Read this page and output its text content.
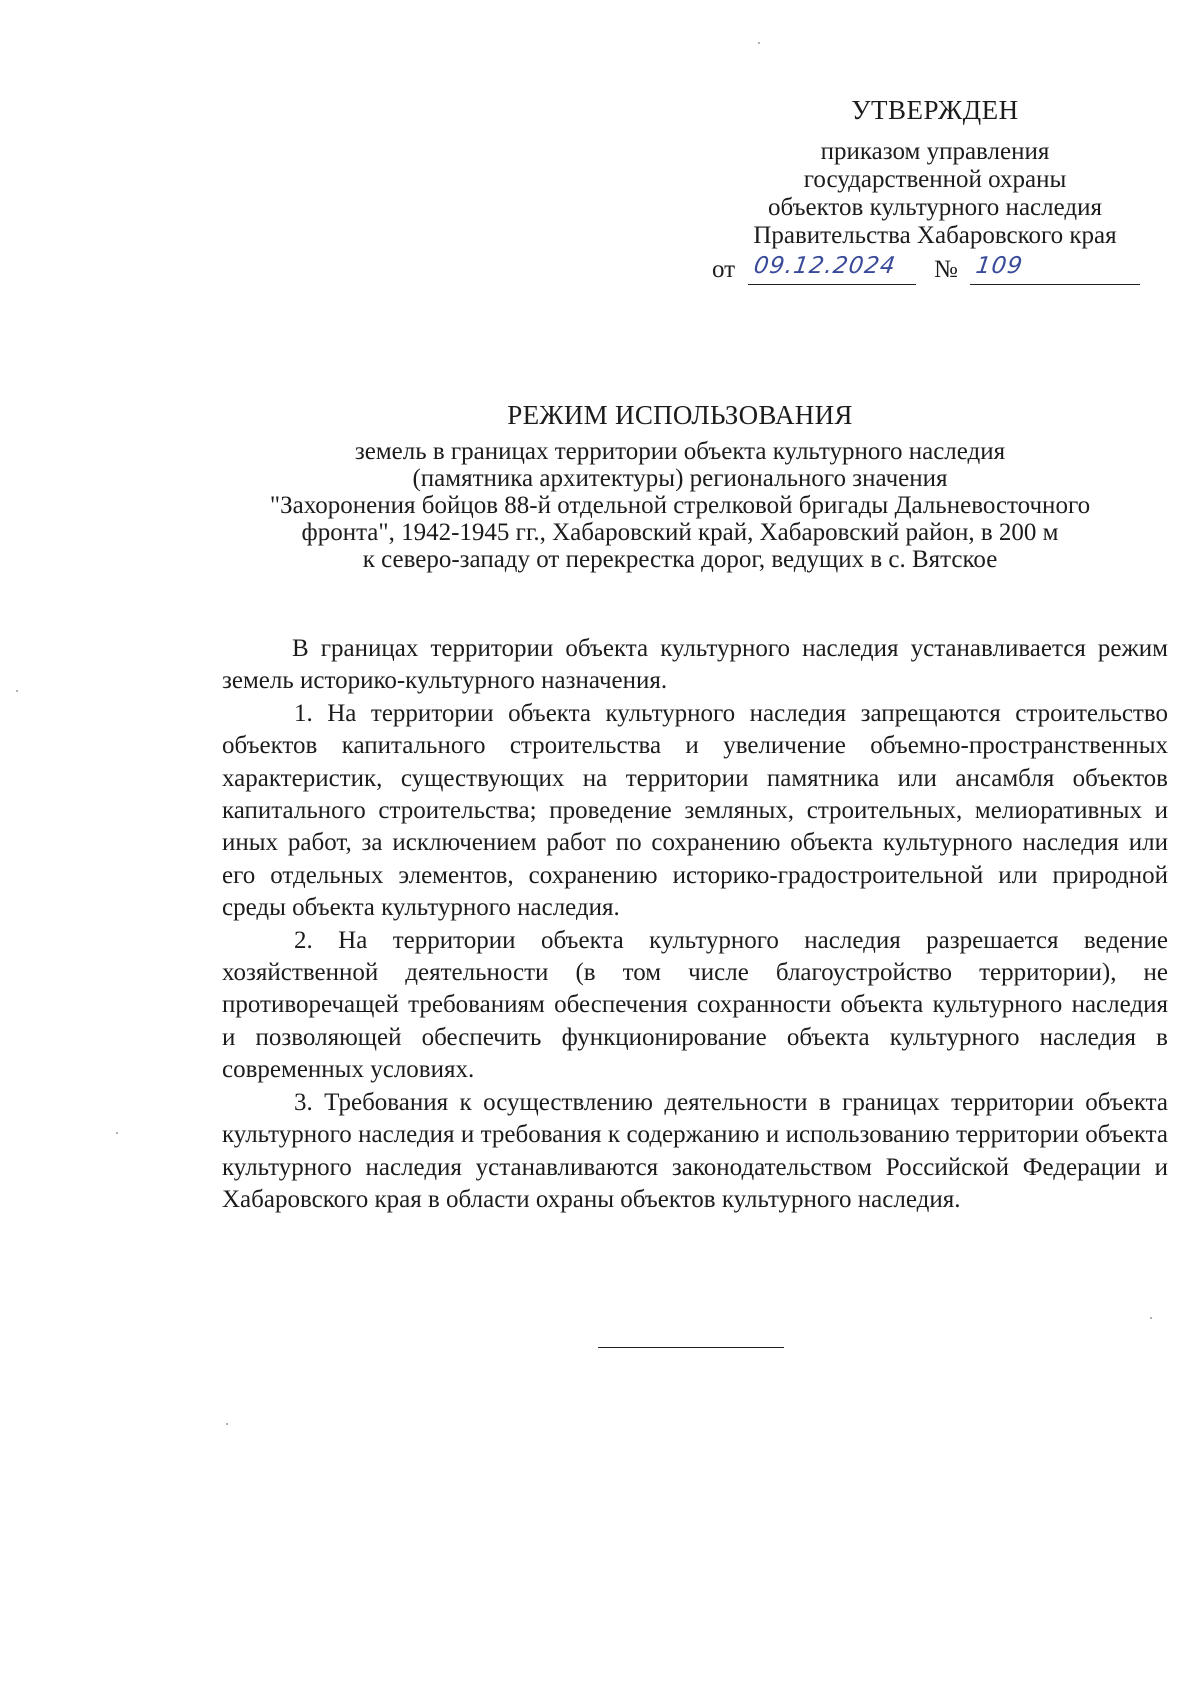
УТВЕРЖДЕН
приказом управления
государственной охраны
объектов культурного наследия
Правительства Хабаровского края
от 09.12.2024 № 109
РЕЖИМ ИСПОЛЬЗОВАНИЯ
земель в границах территории объекта культурного наследия
(памятника архитектуры) регионального значения
"Захоронения бойцов 88-й отдельной стрелковой бригады Дальневосточного
фронта", 1942-1945 гг., Хабаровский край, Хабаровский район, в 200 м
к северо-западу от перекрестка дорог, ведущих в с. Вятское

В границах территории объекта культурного наследия устанавливается режим земель историко-культурного назначения.

1. На территории объекта культурного наследия запрещаются строительство объектов капитального строительства и увеличение объемно-пространственных характеристик, существующих на территории памятника или ансамбля объектов капитального строительства; проведение земляных, строительных, мелиоративных и иных работ, за исключением работ по сохранению объекта культурного наследия или его отдельных элементов, сохранению историко-градостроительной или природной среды объекта культурного наследия.

2. На территории объекта культурного наследия разрешается ведение хозяйственной деятельности (в том числе благоустройство территории), не противоречащей требованиям обеспечения сохранности объекта культурного наследия и позволяющей обеспечить функционирование объекта культурного наследия в современных условиях.

3. Требования к осуществлению деятельности в границах территории объекта культурного наследия и требования к содержанию и использованию территории объекта культурного наследия устанавливаются законодательством Российской Федерации и Хабаровского края в области охраны объектов культурного наследия.
